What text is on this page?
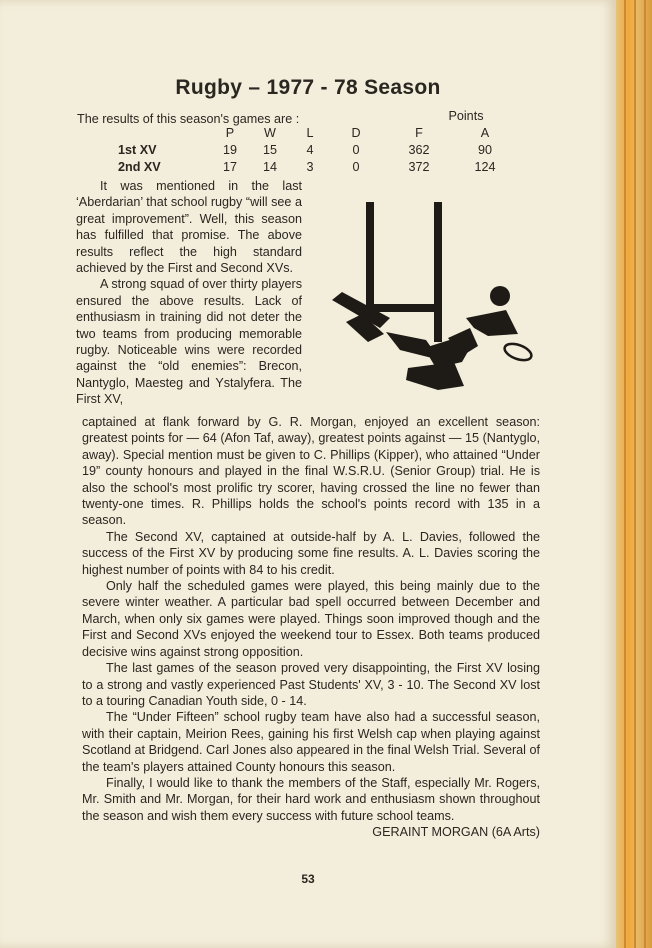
Rugby – 1977 - 78 Season
The results of this season's games are :	Points
	P	W	L	D	F	A
1st XV	19	15	4	0	362	90
2nd XV	17	14	3	0	372	124

It was mentioned in the last ‘Aberdarian’ that school rugby “will see a great improvement”. Well, this season has fulfilled that promise. The above results reflect the high standard achieved by the First and Second XVs.

A strong squad of over thirty players ensured the above results. Lack of enthusiasm in training did not deter the two teams from producing memorable rugby. Noticeable wins were recorded against the “old enemies”: Brecon, Nantyglo, Maesteg and Ystalyfera. The First XV,

captained at flank forward by G. R. Morgan, enjoyed an excellent season: greatest points for — 64 (Afon Taf, away), greatest points against — 15 (Nantyglo, away). Special mention must be given to C. Phillips (Kipper), who attained “Under 19” county honours and played in the final W.S.R.U. (Senior Group) trial. He is also the school's most prolific try scorer, having crossed the line no fewer than twenty-one times. R. Phillips holds the school's points record with 135 in a season.

The Second XV, captained at outside-half by A. L. Davies, followed the success of the First XV by producing some fine results. A. L. Davies scoring the highest number of points with 84 to his credit.

Only half the scheduled games were played, this being mainly due to the severe winter weather. A particular bad spell occurred between December and March, when only six games were played. Things soon improved though and the First and Second XVs enjoyed the weekend tour to Essex. Both teams produced decisive wins against strong opposition.

The last games of the season proved very disappointing, the First XV losing to a strong and vastly experienced Past Students' XV, 3 - 10. The Second XV lost to a touring Canadian Youth side, 0 - 14.

The “Under Fifteen” school rugby team have also had a successful season, with their captain, Meirion Rees, gaining his first Welsh cap when playing against Scotland at Bridgend. Carl Jones also appeared in the final Welsh Trial. Several of the team's players attained County honours this season.

Finally, I would like to thank the members of the Staff, especially Mr. Rogers, Mr. Smith and Mr. Morgan, for their hard work and enthusiasm shown throughout the season and wish them every success with future school teams.

GERAINT MORGAN (6A Arts)
53
